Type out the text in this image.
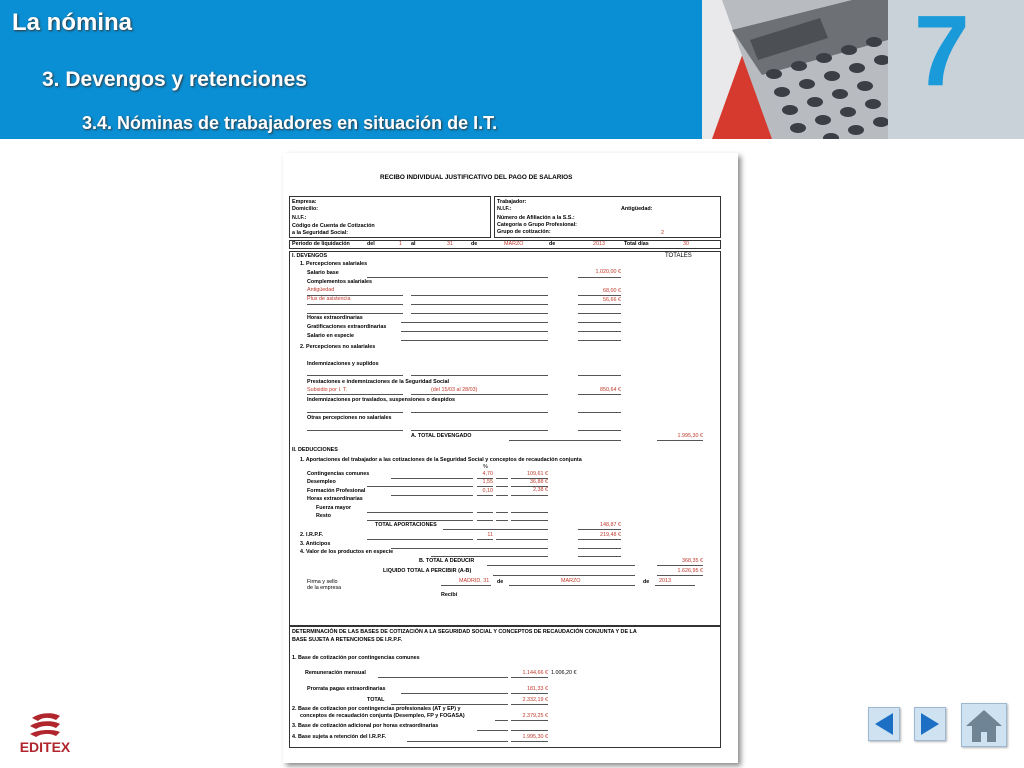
La nómina
3. Devengos y retenciones
3.4. Nóminas de trabajadores en situación de I.T.
7
RECIBO INDIVIDUAL JUSTIFICATIVO DEL PAGO DE SALARIOS
Empresa:
Domicilio:
N.I.F.:
Código de Cuenta de Cotización
a la Seguridad Social:
Trabajador:
N.I.F.:	Antigüedad:
Número de Afiliación a la S.S.:
Categoría o Grupo Profesional:
Grupo de cotización:	2
Periodo de liquidación	del	1 al	31	de	MARZO	de	2013	Total días	30
I. DEVENGOS	TOTALES
1. Percepciones salariales
Salario base	1.020,00 €
Complementos salariales
Antigüedad	68,00 €
Plus de asistencia	56,66 €
Horas extraordinarias
Gratificaciones extraordinarias
Salario en especie
2. Percepciones no salariales
Indemnizaciones y suplidos
Prestaciones e indemnizaciones de la Seguridad Social
Subsidio por I. T.	(del 15/03 al 28/03)	850,64 €
Indemnizaciones por traslados, suspensiones o despidos
Otras percepciones no salariales
A. TOTAL DEVENGADO	1.995,30 €
II. DEDUCCIONES
1. Aportaciones del trabajador a las cotizaciones de la Seguridad Social y conceptos de recaudación conjunta
%
Contingencias comunes	4,70	109,61 €
Desempleo	1,55	36,88 €
Formación Profesional	0,10	2,38 €
Horas extraordinarias
Fuerza mayor
Resto
TOTAL APORTACIONES	148,87 €
2. I.R.P.F.	11	219,48 €
3. Anticipos
4. Valor de los productos en especie
B. TOTAL A DEDUCIR	368,35 €
LIQUIDO TOTAL A PERCIBIR (A-B)	1.626,95 €
Firma y sello
de la empresa
MADRID, 31 de	MARZO	de 2013
Recibí
DETERMINACIÓN DE LAS BASES DE COTIZACIÓN A LA SEGURIDAD SOCIAL Y CONCEPTOS DE RECAUDACIÓN CONJUNTA Y DE LA
BASE SUJETA A RETENCIONES DE I.R.P.F.
1. Base de cotización por contingencias comunes
Remuneración mensual	1.144,66 € 1.006,20 €
Prorrata pagas extraordinarias	181,33 €
TOTAL	2.332,19 €
2. Base de cotizacion por contingencias profesionales (AT y EP) y
conceptos de recaudación conjunta (Desempleo, FP y FOGASA)	2.379,25 €
3. Base de cotización adicional por horas extraordinarias
4. Base sujeta a retención del I.R.P.F.	1.995,30 €
EDITEX
